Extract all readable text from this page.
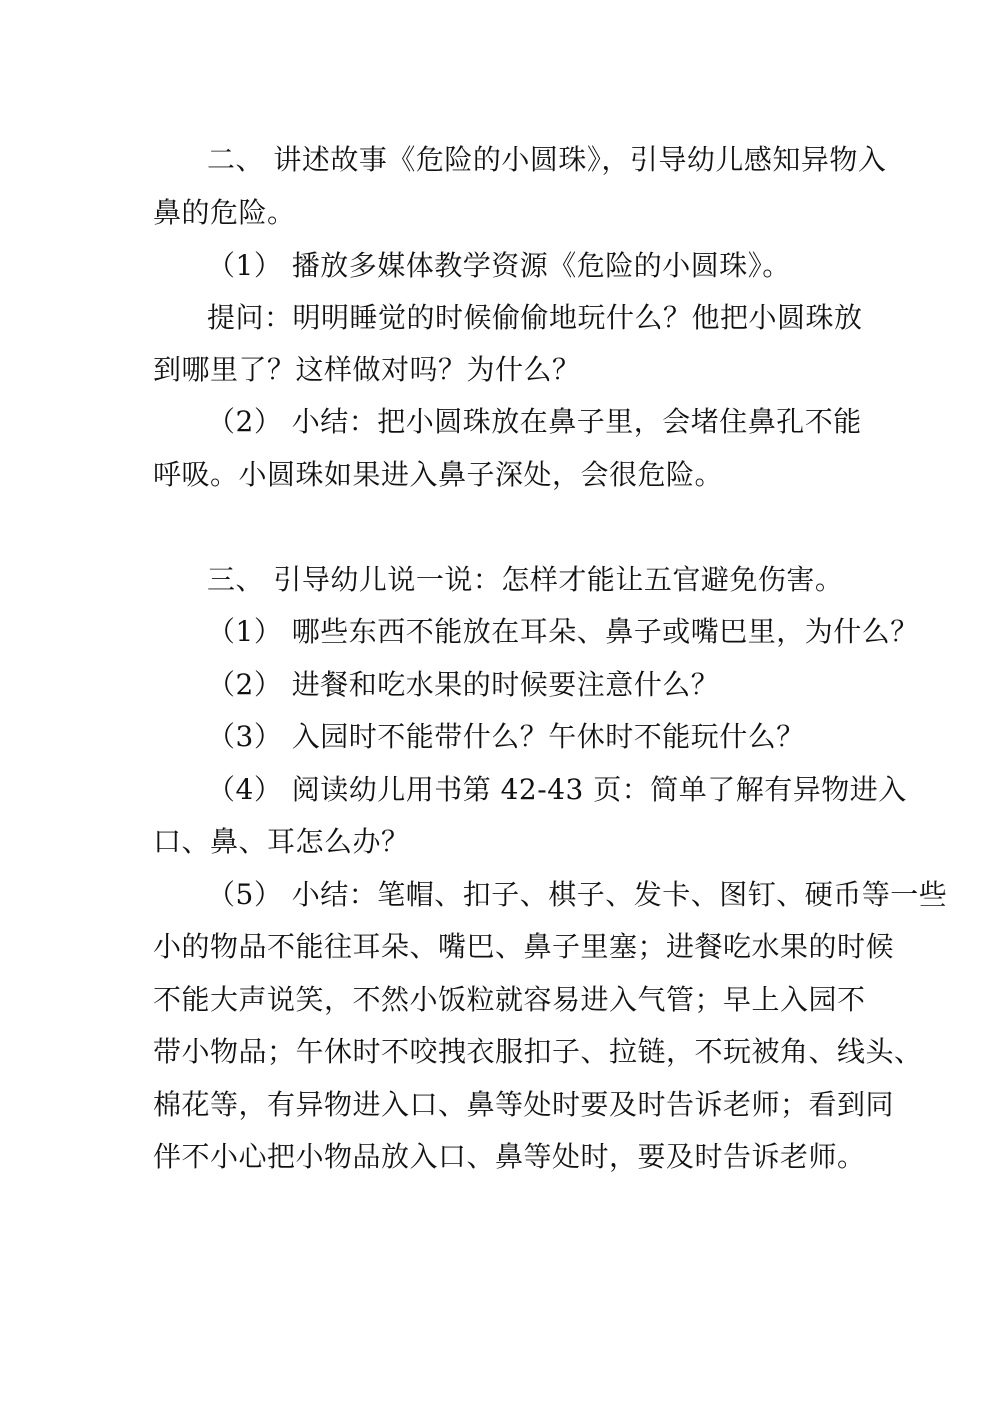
二、 讲述故事《危险的小圆珠》，引导幼儿感知异物入
鼻的危险。
（1） 播放多媒体教学资源《危险的小圆珠》。
提问：明明睡觉的时候偷偷地玩什么？他把小圆珠放
到哪里了？这样做对吗？为什么？
（2） 小结：把小圆珠放在鼻子里，会堵住鼻孔不能
呼吸。小圆珠如果进入鼻子深处，会很危险。
三、 引导幼儿说一说：怎样才能让五官避免伤害。
（1） 哪些东西不能放在耳朵、鼻子或嘴巴里，为什么？
（2） 进餐和吃水果的时候要注意什么？
（3） 入园时不能带什么？午休时不能玩什么？
（4） 阅读幼儿用书第 42-43 页：简单了解有异物进入
口、鼻、耳怎么办？
（5） 小结：笔帽、扣子、棋子、发卡、图钉、硬币等一些
小的物品不能往耳朵、嘴巴、鼻子里塞；进餐吃水果的时候
不能大声说笑，不然小饭粒就容易进入气管；早上入园不
带小物品；午休时不咬拽衣服扣子、拉链，不玩被角、线头、
棉花等，有异物进入口、鼻等处时要及时告诉老师；看到同
伴不小心把小物品放入口、鼻等处时，要及时告诉老师。
